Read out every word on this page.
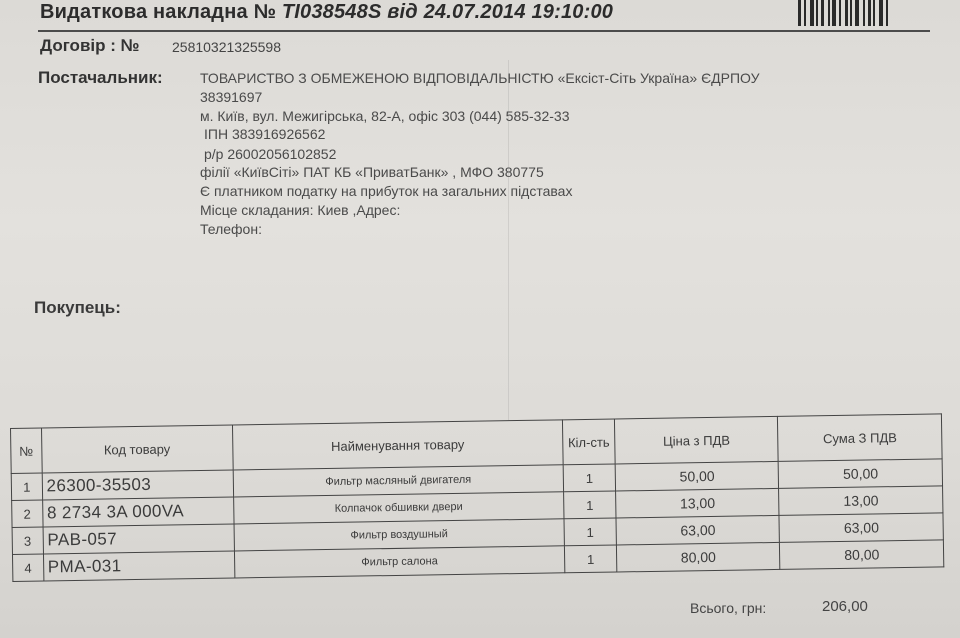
Видаткова накладна № ТІ038548S від 24.07.2014 19:10:00
Договір : № 25810321325598
Постачальник:	ТОВАРИСТВО З ОБМЕЖЕНОЮ ВІДПОВІДАЛЬНІСТЮ «Ексіст-Сіть Україна» ЄДРПОУ
38391697
м. Київ, вул. Межигірська, 82-А, офіс 303 (044) 585-32-33
ІПН 383916926562
р/р 26002056102852
філії «КиївСіті» ПАТ КБ «ПриватБанк» , МФО 380775
Є платником податку на прибуток на загальних підставах
Місце складания: Киев ,Адрес:
Телефон:
Покупець:
№	Код товару	Найменування товару	Кіл-сть	Ціна з ПДВ	Сума З ПДВ
1	26300-35503	Фильтр масляный двигателя	1	50,00	50,00
2	8 2734 3A 000VA	Колпачок обшивки двери	1	13,00	13,00
3	PAB-057	Фильтр воздушный	1	63,00	63,00
4	PMA-031	Фильтр салона	1	80,00	80,00
Всього, грн:	206,00
